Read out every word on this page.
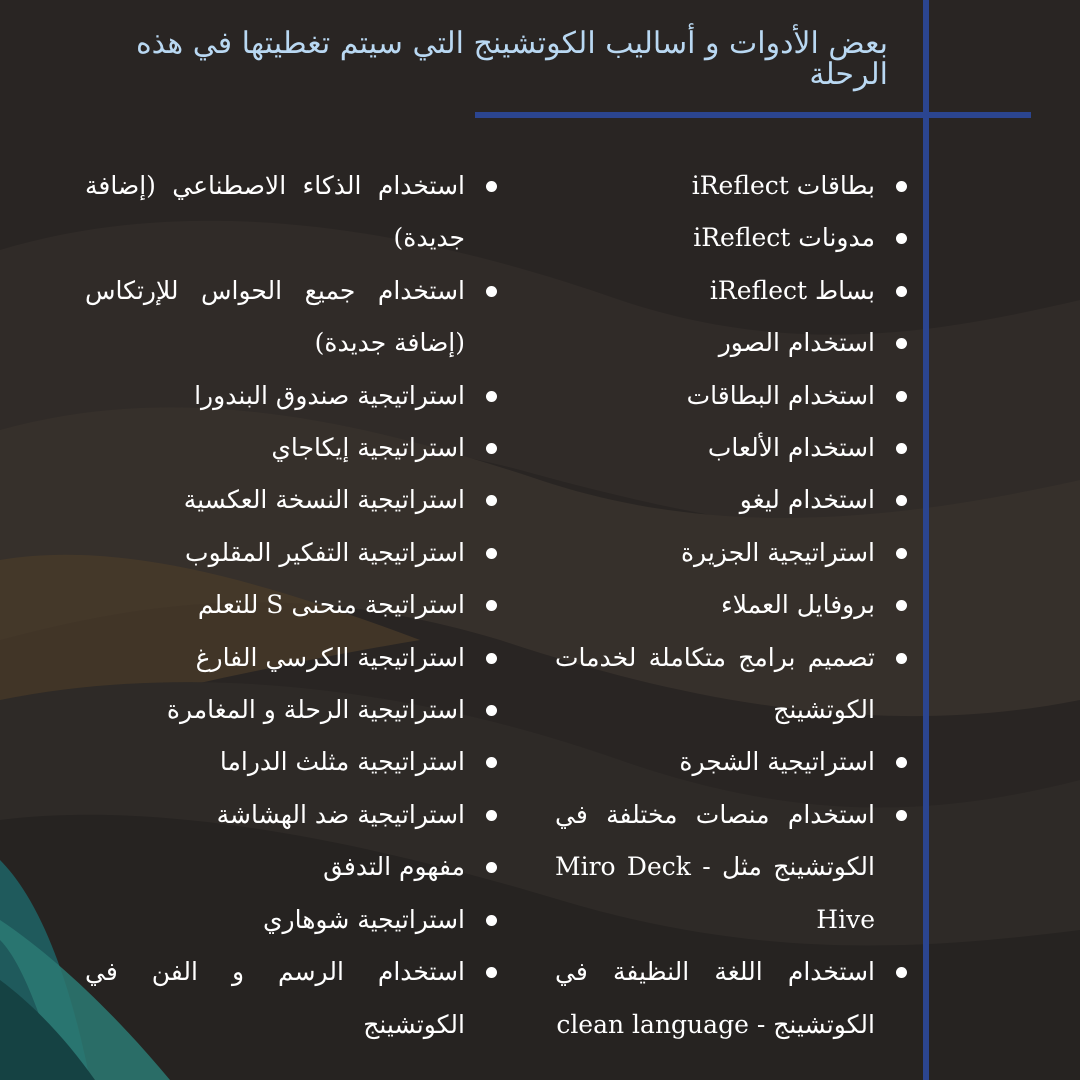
بعض الأدوات و أساليب الكوتشينج التي سيتم تغطيتها في هذه الرحلة
بطاقات iReflect
مدونات iReflect
بساط iReflect
استخدام الصور
استخدام البطاقات
استخدام الألعاب
استخدام ليغو
استراتيجية الجزيرة
بروفايل العملاء
تصميم برامج متكاملة لخدمات الكوتشينج
استراتيجية الشجرة
استخدام منصات مختلفة في الكوتشينج مثل - Miro Deck Hive
استخدام اللغة النظيفة في الكوتشينج - clean language
استخدام الذكاء الاصطناعي (إضافة جديدة)
استخدام جميع الحواس للإرتكاس (إضافة جديدة)
استراتيجية صندوق البندورا
استراتيجية إيكاجاي
استراتيجية النسخة العكسية
استراتيجية التفكير المقلوب
استراتيجة منحنى S للتعلم
استراتيجية الكرسي الفارغ
استراتيجية الرحلة و المغامرة
استراتيجية مثلث الدراما
استراتيجية ضد الهشاشة
مفهوم التدفق
استراتيجية شوهاري
استخدام الرسم و الفن في الكوتشينج
